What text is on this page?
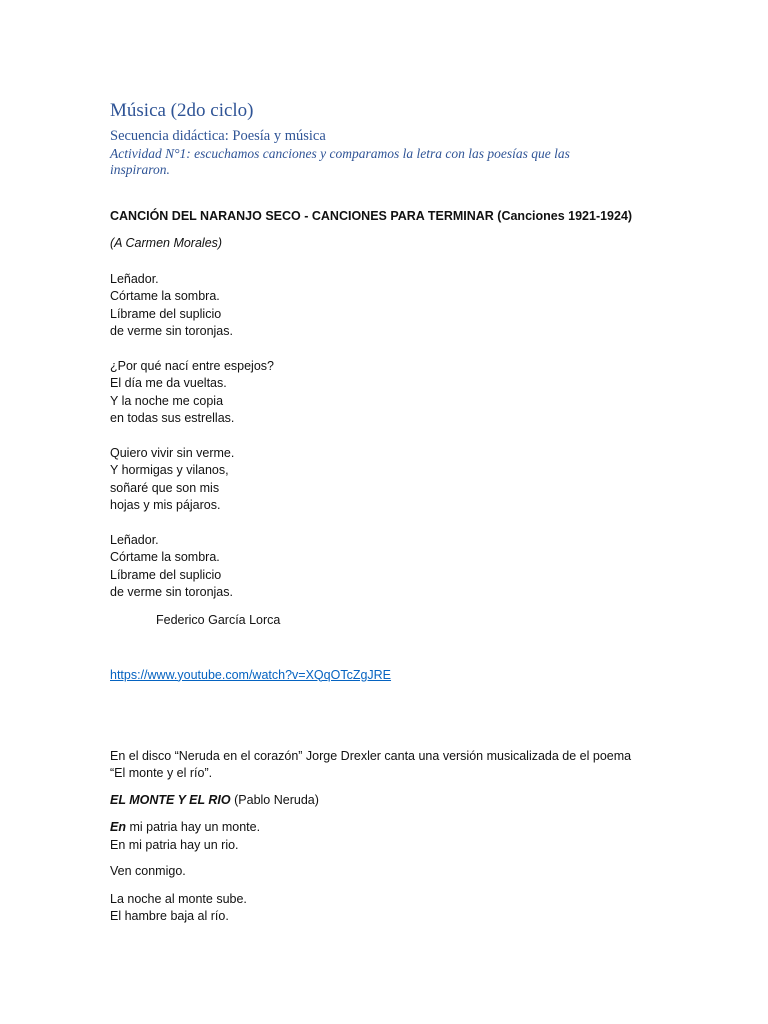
Música (2do ciclo)

Secuencia didáctica: Poesía y música

Actividad N°1: escuchamos canciones y comparamos la letra con las poesías que las
inspiraron.

CANCIÓN DEL NARANJO SECO - CANCIONES PARA TERMINAR (Canciones 1921-1924)

(A Carmen Morales)

Leñador.

Córtame la sombra.

Líbrame del suplicio

de verme sin toronjas.

¿Por qué nací entre espejos?

El día me da vueltas.

Y la noche me copia

en todas sus estrellas.

Quiero vivir sin verme.

Y hormigas y vilanos,

soñaré que son mis

hojas y mis pájaros.

Leñador.

Córtame la sombra.

Líbrame del suplicio

de verme sin toronjas.

Federico García Lorca

https://www.youtube.com/watch?v=XQqOTcZgJRE

En el disco “Neruda en el corazón” Jorge Drexler canta una versión musicalizada de el poema

“El monte y el río”.

EL MONTE Y EL RIO (Pablo Neruda)

En mi patria hay un monte.

En mi patria hay un rio.

Ven conmigo.

La noche al monte sube.

El hambre baja al río.
